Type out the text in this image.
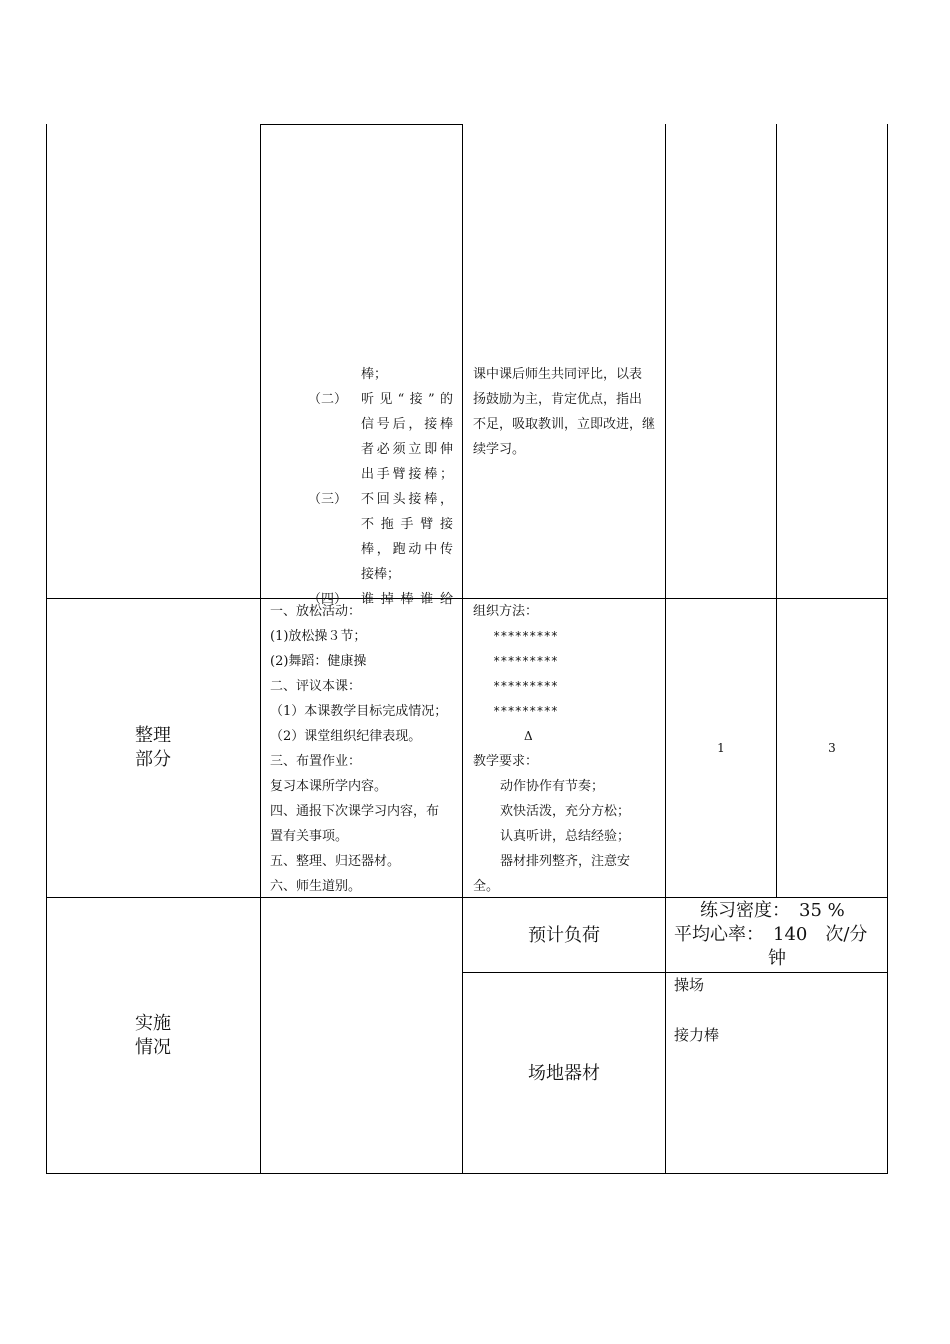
棒；
（二） 听见“接”的
信号后，接棒
者必须立即伸
出手臂接棒；
（三） 不回头接棒，
不拖手臂接
棒，跑动中传
接棒；
（四） 谁掉棒谁给
课中课后师生共同评比，以表
扬鼓励为主，肯定优点，指出
不足，吸取教训，立即改进，继
续学习。
整理
部分
一、放松活动：
(1)放松操３节；
(2)舞蹈：健康操
二、评议本课：
（1）本课教学目标完成情况；
（2）课堂组织纪律表现。
三、布置作业：
复习本课所学内容。
四、通报下次课学习内容，布
置有关事项。
五、整理、归还器材。
六、师生道别。
组织方法：
*********
*********
*********
*********
Δ
教学要求：
动作协作有节奏；
欢快活泼，充分方松；
认真听讲，总结经验；
器材排列整齐，注意安
全。
1	3
实施
情况
预计负荷
练习密度：　35 %
平均心率：　140　次/分
钟
场地器材
操场
接力棒
